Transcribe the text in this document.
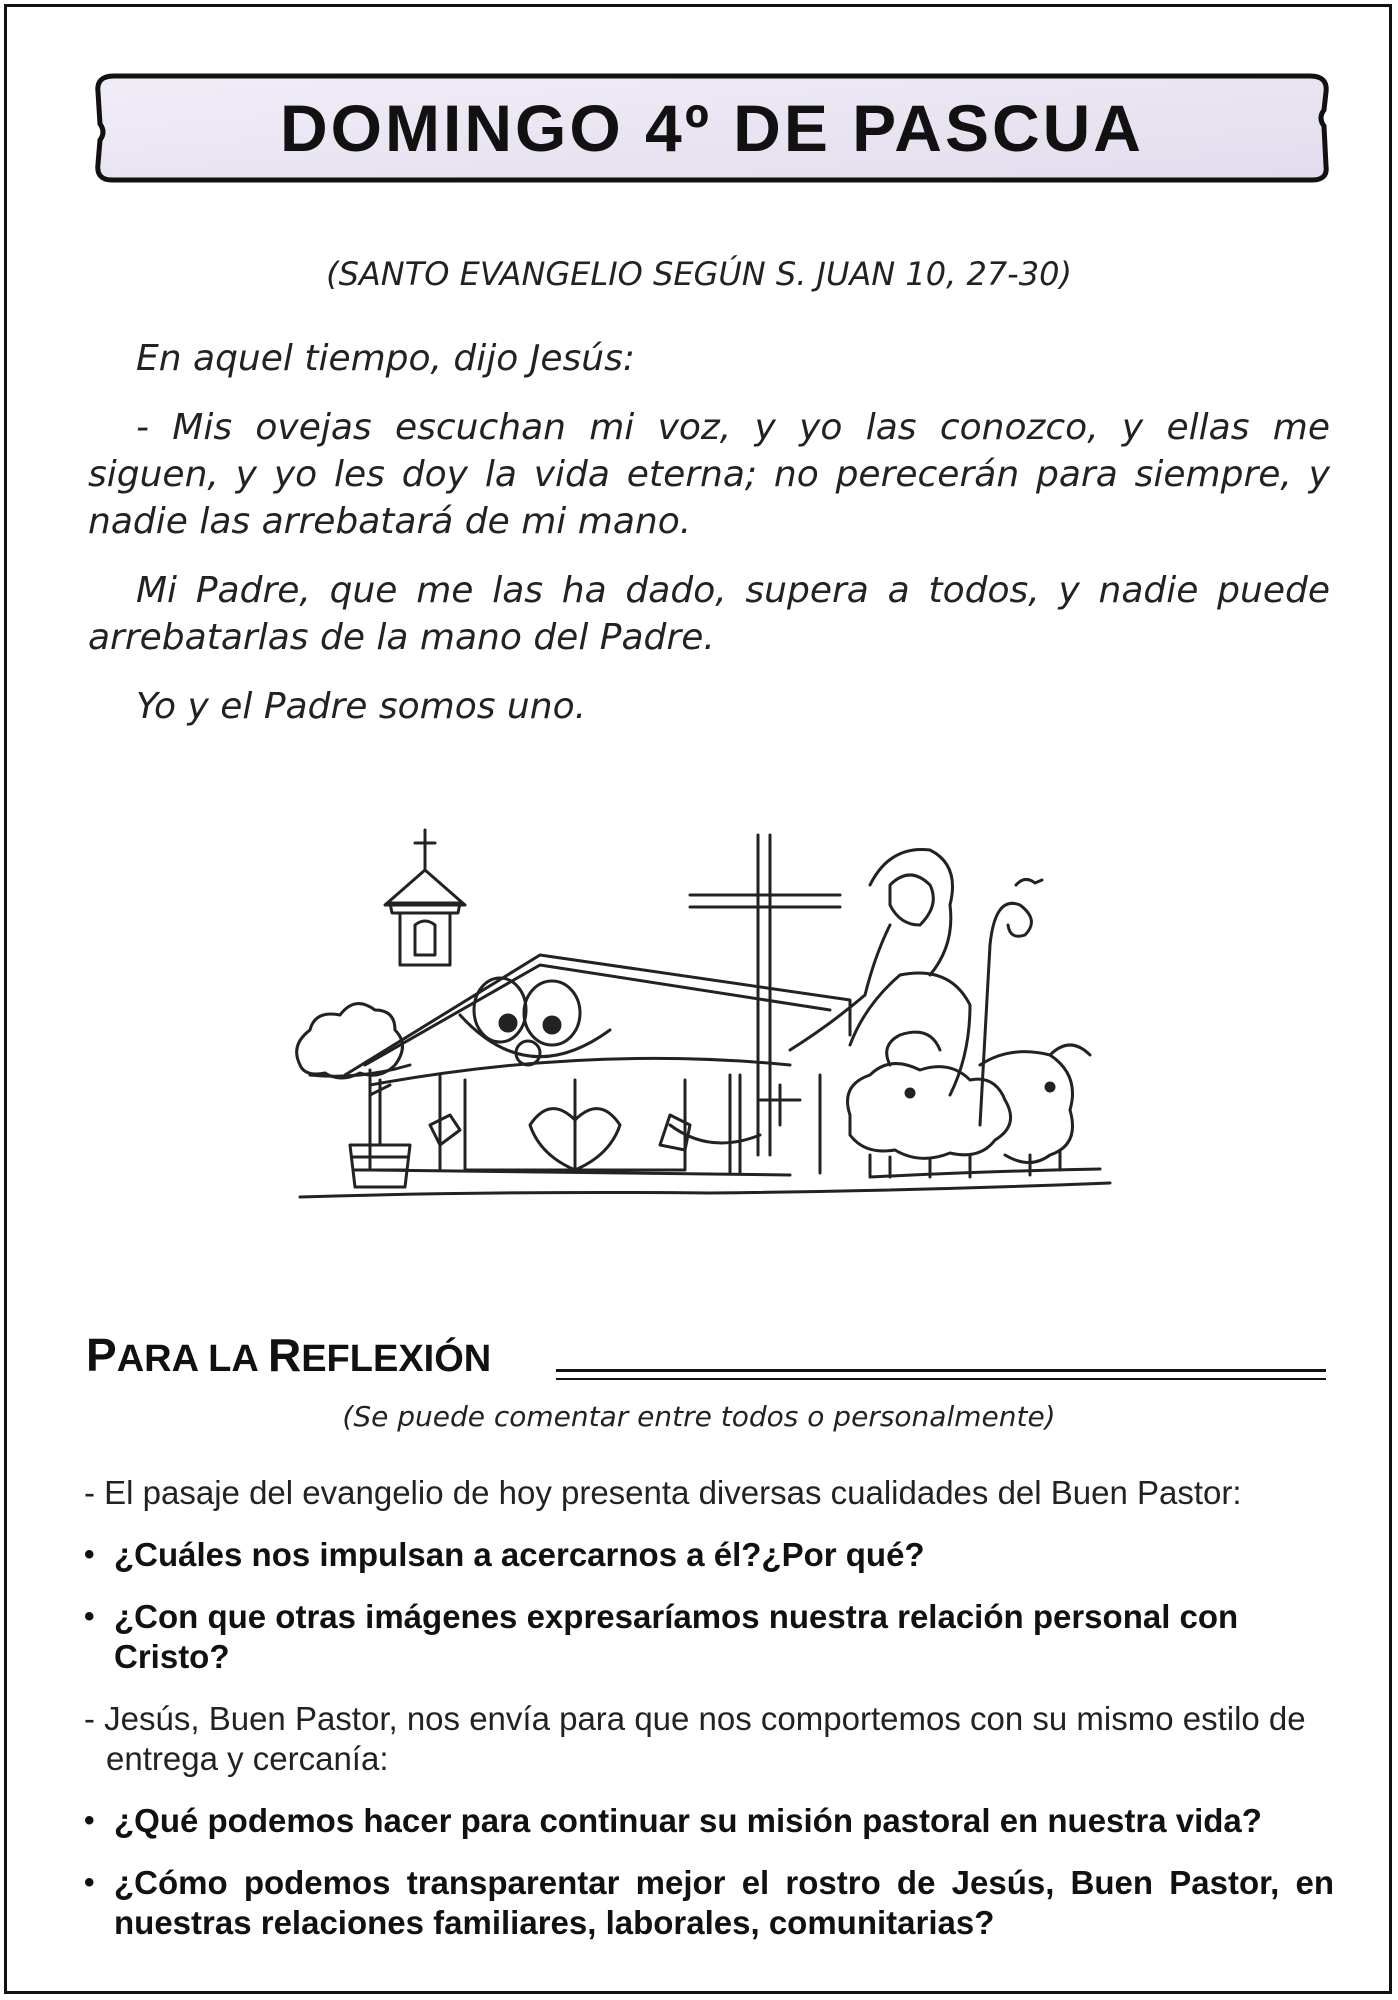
DOMINGO 4º DE PASCUA
(SANTO EVANGELIO SEGÚN S. JUAN 10, 27-30)

En aquel tiempo, dijo Jesús:

- Mis ovejas escuchan mi voz, y yo las conozco, y ellas me siguen, y yo les doy la vida eterna; no perecerán para siempre, y nadie las arrebatará de mi mano.

Mi Padre, que me las ha dado, supera a todos, y nadie puede arrebatarlas de la mano del Padre.

Yo y el Padre somos uno.

PARA LA REFLEXIÓN
(Se puede comentar entre todos o personalmente)
- El pasaje del evangelio de hoy presenta diversas cualidades del Buen Pastor:
• ¿Cuáles nos impulsan a acercarnos a él?¿Por qué?
• ¿Con que otras imágenes expresaríamos nuestra relación personal con Cristo?
- Jesús, Buen Pastor, nos envía para que nos comportemos con su mismo estilo de entrega y cercanía:
• ¿Qué podemos hacer para continuar su misión pastoral en nuestra vida?
• ¿Cómo podemos transparentar mejor el rostro de Jesús, Buen Pastor, en nuestras relaciones familiares, laborales, comunitarias?
